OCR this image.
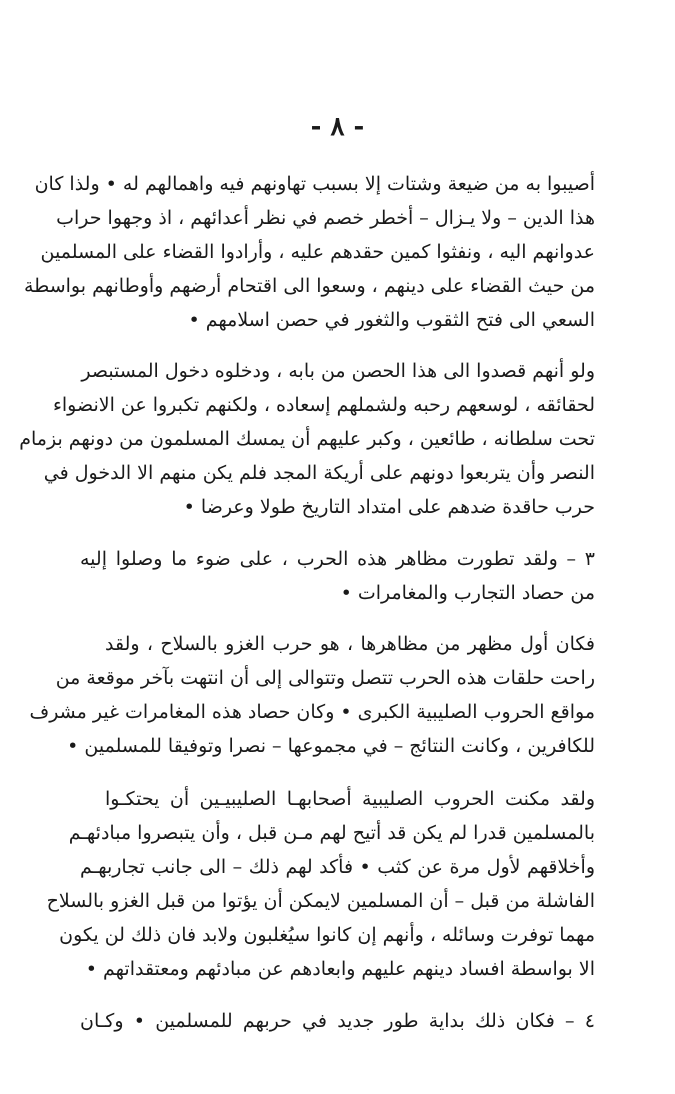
- ٨ -
أصيبوا به من ضيعة وشتات إلا بسبب تهاونهم فيه واهمالهم له • ولذا كان
هذا الدين – ولا يـزال – أخطر خصم في نظر أعدائهم ، اذ وجهوا حراب
عدوانهم اليه ، ونفثوا كمين حقدهم عليه ، وأرادوا القضاء على المسلمين
من حيث القضاء على دينهم ، وسعوا الى اقتحام أرضهم وأوطانهم بواسطة
السعي الى فتح الثقوب والثغور في حصن اسلامهم •
ولو أنهم قصدوا الى هذا الحصن من بابه ، ودخلوه دخول المستبصر
لحقائقه ، لوسعهم رحبه ولشملهم إسعاده ، ولكنهم تكبروا عن الانضواء
تحت سلطانه ، طائعين ، وكبر عليهم أن يمسك المسلمون من دونهم بزمام
النصر وأن يتربعوا دونهم على أريكة المجد فلم يكن منهم الا الدخول في
حرب حاقدة ضدهم على امتداد التاريخ طولا وعرضا •
٣ – ولقد تطورت مظاهر هذه الحرب ، على ضوء ما وصلوا إليه
من حصاد التجارب والمغامرات •
فكان أول مظهر من مظاهرها ، هو حرب الغزو بالسلاح ، ولقد
راحت حلقات هذه الحرب تتصل وتتوالى إلى أن انتهت بآخر موقعة من
مواقع الحروب الصليبية الكبرى • وكان حصاد هذه المغامرات غير مشرف
للكافرين ، وكانت النتائج – في مجموعها – نصرا وتوفيقا للمسلمين •
ولقد مكنت الحروب الصليبية أصحابهـا الصليبيـين أن يحتكـوا
بالمسلمين قدرا لم يكن قد أتيح لهم مـن قبل ، وأن يتبصروا مبادئهـم
وأخلاقهم لأول مرة عن كثب • فأكد لهم ذلك – الى جانب تجاربهـم
الفاشلة من قبل – أن المسلمين لايمكن أن يؤتوا من قبل الغزو بالسلاح
مهما توفرت وسائله ، وأنهم إن كانوا سيُغلبون ولابد فان ذلك لن يكون
الا بواسطة افساد دينهم عليهم وابعادهم عن مبادئهم ومعتقداتهم •
٤ – فكان ذلك بداية طور جديد في حربهم للمسلمين • وكـان
